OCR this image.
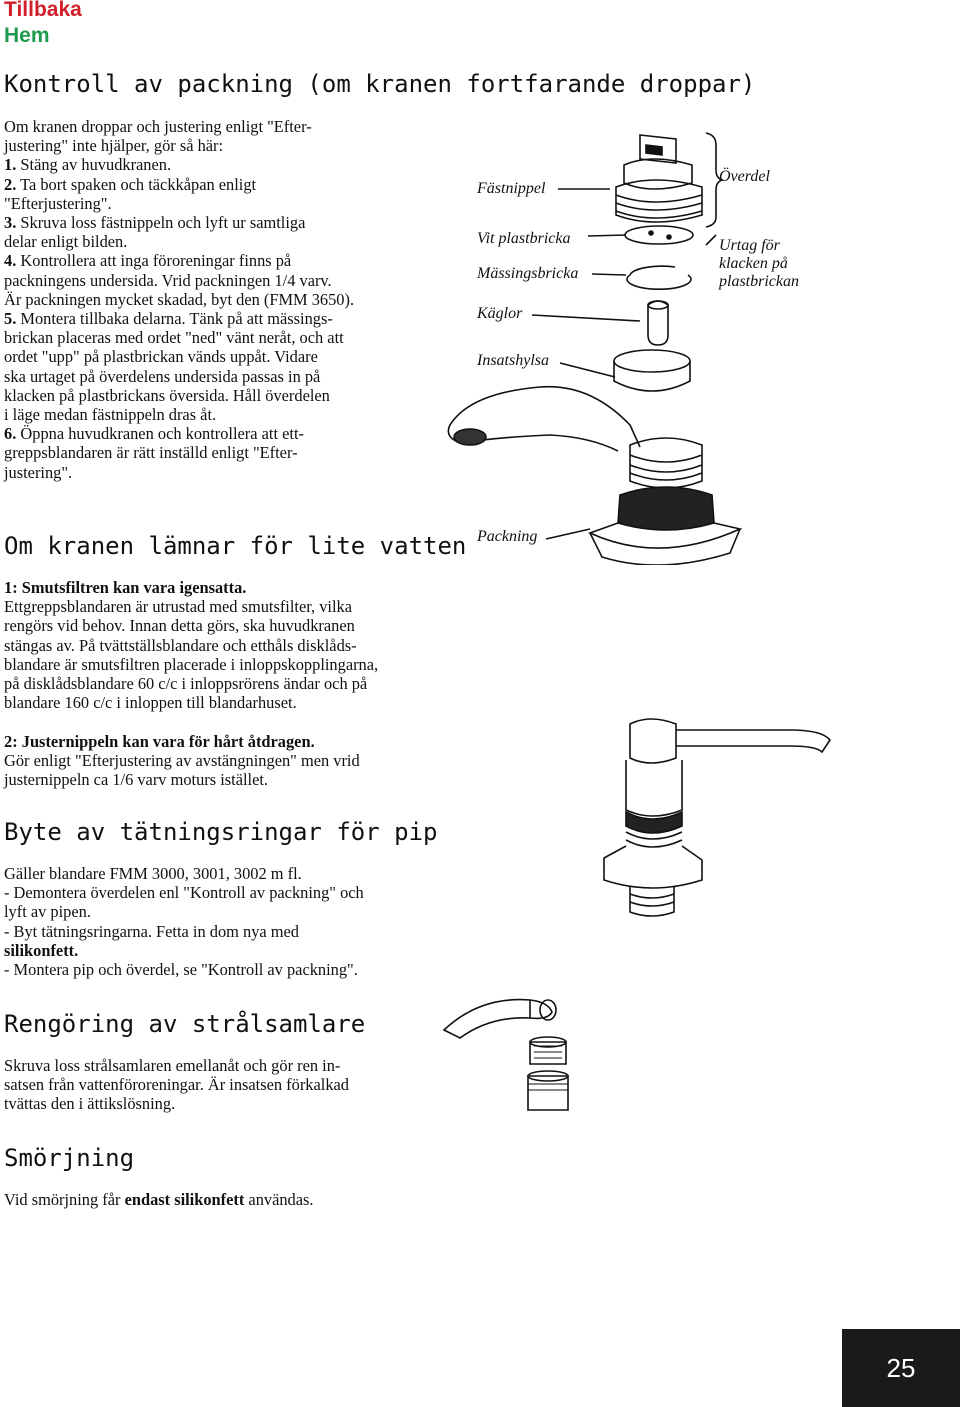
Tillbaka
Hem
Kontroll av packning (om kranen fortfarande droppar)

Om kranen droppar och justering enligt "Efter-

justering" inte hjälper, gör så här:

1. Stäng av huvudkranen.

2. Ta bort spaken och täckkåpan enligt

"Efterjustering".

3. Skruva loss fästnippeln och lyft ur samtliga

delar enligt bilden.

4. Kontrollera att inga föroreningar finns på

packningens undersida. Vrid packningen 1/4 varv.

Är packningen mycket skadad, byt den (FMM 3650).

5. Montera tillbaka delarna. Tänk på att mässings-

brickan placeras med ordet "ned" vänt neråt, och att

ordet "upp" på plastbrickan vänds uppåt. Vidare

ska urtaget på överdelens undersida passas in på

klacken på plastbrickans översida. Håll överdelen

i läge medan fästnippeln dras åt.

6. Öppna huvudkranen och kontrollera att ett-

greppsblandaren är rätt inställd enligt "Efter-

justering".

Fästnippel
Vit plastbricka
Mässingsbricka
Käglor
Insatshylsa
Överdel
Urtag för
klacken på
plastbrickan
Packning
Om kranen lämnar för lite vatten

1: Smutsfiltren kan vara igensatta.

Ettgreppsblandaren är utrustad med smutsfilter, vilka

rengörs vid behov. Innan detta görs, ska huvudkranen

stängas av. På tvättställsblandare och etthåls disklåds-

blandare är smutsfiltren placerade i inloppskopplingarna,

på disklådsblandare 60 c/c i inloppsrörens ändar och på

blandare 160 c/c i inloppen till blandarhuset.

2: Justernippeln kan vara för hårt åtdragen.

Gör enligt "Efterjustering av avstängningen" men vrid

justernippeln ca 1/6 varv moturs istället.

Byte av tätningsringar för pip

Gäller blandare FMM 3000, 3001, 3002 m fl.

- Demontera överdelen enl "Kontroll av packning" och

lyft av pipen.

- Byt tätningsringarna. Fetta in dom nya med

silikonfett.

- Montera pip och överdel, se "Kontroll av packning".

Rengöring av strålsamlare

Skruva loss strålsamlaren emellanåt och gör ren in-

satsen från vattenföroreningar. Är insatsen förkalkad

tvättas den i ättikslösning.

Smörjning

Vid smörjning får endast silikonfett användas.

25
